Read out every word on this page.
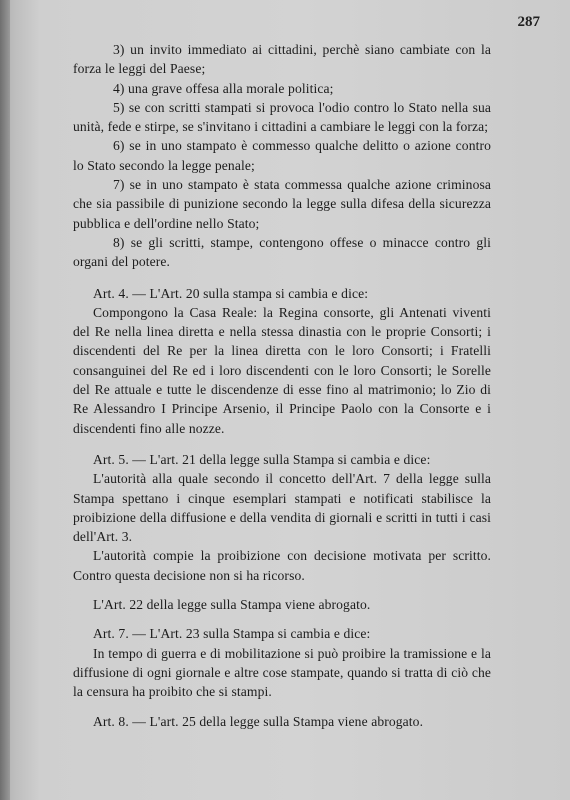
287

3) un invito immediato ai cittadini, perchè siano cambiate con la forza le leggi del Paese;

4) una grave offesa alla morale politica;

5) se con scritti stampati si provoca l'odio contro lo Stato nella sua unità, fede e stirpe, se s'invitano i cittadini a cambiare le leggi con la forza;

6) se in uno stampato è commesso qualche delitto o azione contro lo Stato secondo la legge penale;

7) se in uno stampato è stata commessa qualche azione criminosa che sia passibile di punizione secondo la legge sulla difesa della sicurezza pubblica e dell'ordine nello Stato;

8) se gli scritti, stampe, contengono offese o minacce contro gli organi del potere.

Art. 4. — L'Art. 20 sulla stampa si cambia e dice:

Compongono la Casa Reale: la Regina consorte, gli Antenati viventi del Re nella linea diretta e nella stessa dinastia con le proprie Consorti; i discendenti del Re per la linea diretta con le loro Consorti; i Fratelli consanguinei del Re ed i loro discendenti con le loro Consorti; le Sorelle del Re attuale e tutte le discendenze di esse fino al matrimonio; lo Zio di Re Alessandro I Principe Arsenio, il Principe Paolo con la Consorte e i discendenti fino alle nozze.

Art. 5. — L'art. 21 della legge sulla Stampa si cambia e dice:

L'autorità alla quale secondo il concetto dell'Art. 7 della legge sulla Stampa spettano i cinque esemplari stampati e notificati stabilisce la proibizione della diffusione e della vendita di giornali e scritti in tutti i casi dell'Art. 3.

L'autorità compie la proibizione con decisione motivata per scritto. Contro questa decisione non si ha ricorso.

L'Art. 22 della legge sulla Stampa viene abrogato.

Art. 7. — L'Art. 23 sulla Stampa si cambia e dice:

In tempo di guerra e di mobilitazione si può proibire la tramissione e la diffusione di ogni giornale e altre cose stampate, quando si tratta di ciò che la censura ha proibito che si stampi.

Art. 8. — L'art. 25 della legge sulla Stampa viene abrogato.
